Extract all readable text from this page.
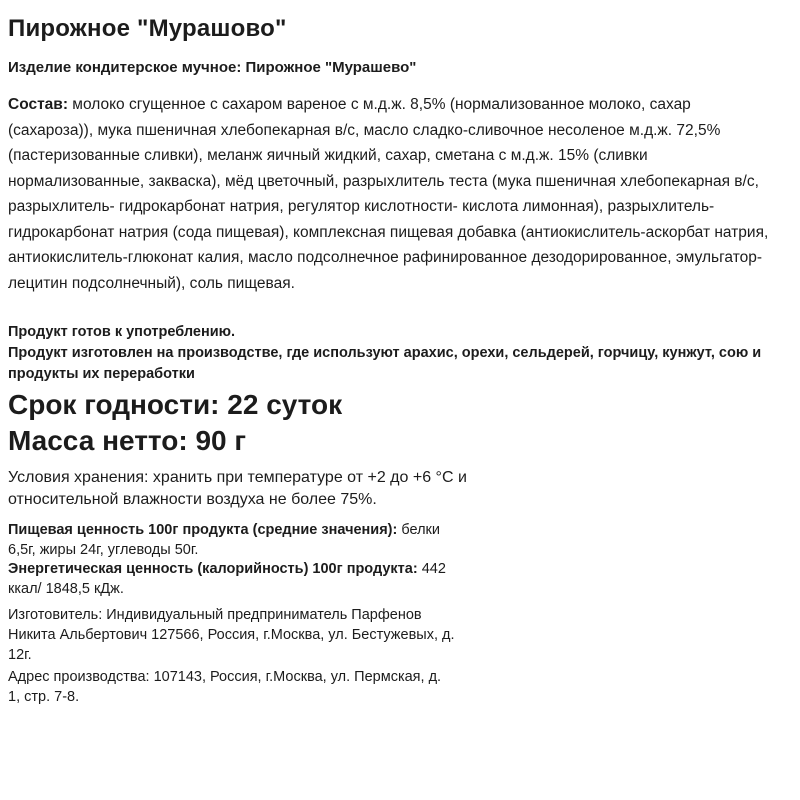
Пирожное "Мурашово"
Изделие кондитерское мучное: Пирожное "Мурашево"
Состав: молоко сгущенное с сахаром вареное с м.д.ж. 8,5% (нормализованное молоко, сахар (сахароза)), мука пшеничная хлебопекарная в/с, масло сладко-сливочное несоленое м.д.ж. 72,5% (пастеризованные сливки), меланж яичный жидкий, сахар, сметана с м.д.ж. 15% (сливки нормализованные, закваска), мёд цветочный, разрыхлитель теста (мука пшеничная хлебопекарная в/с, разрыхлитель- гидрокарбонат натрия, регулятор кислотности- кислота лимонная), разрыхлитель-гидрокарбонат натрия (сода пищевая), комплексная пищевая добавка (антиокислитель-аскорбат натрия, антиокислитель-глюконат калия, масло подсолнечное рафинированное дезодорированное, эмульгатор-лецитин подсолнечный), соль пищевая.

Продукт готов к употреблению.

Продукт изготовлен на производстве, где используют арахис, орехи, сельдерей, горчицу, кунжут, сою и продукты их переработки

Срок годности: 22 суток

Масса нетто: 90 г

Условия хранения: хранить при температуре от +2 до +6 °С и относительной влажности воздуха не более 75%.
Пищевая ценность 100г продукта (средние значения): белки 6,5г, жиры 24г, углеводы 50г.
Энергетическая ценность (калорийность) 100г продукта: 442 ккал/ 1848,5 кДж.

Изготовитель: Индивидуальный предприниматель Парфенов Никита Альбертович 127566, Россия, г.Москва, ул. Бестужевых, д. 12г.

Адрес производства: 107143, Россия, г.Москва, ул. Пермская, д. 1, стр. 7-8.
